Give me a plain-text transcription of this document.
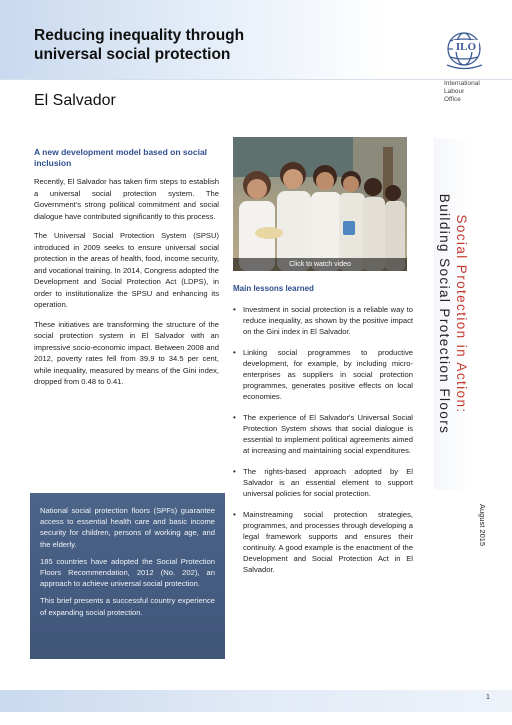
Reducing inequality through
universal social protection	ILO
International
Labour
Office
El Salvador
A new development model based on social inclusion

Recently, El Salvador has taken firm steps to establish a universal social protection system. The Government's strong political commitment and social dialogue have contributed significantly to this process.

The Universal Social Protection System (SPSU) introduced in 2009 seeks to ensure universal social protection in the areas of health, food, income security, and vocational training. In 2014, Congress adopted the Development and Social Protection Act (LDPS), in order to institutionalize the SPSU and enhancing its operation.

These initiatives are transforming the structure of the social protection system in El Salvador with an impressive socio-economic impact. Between 2008 and 2012, poverty rates fell from 39.9 to 34.5 per cent, while inequality, measured by means of the Gini index, dropped from 0.48 to 0.41.

National social protection floors (SPFs) guarantee access to essential health care and basic income security for children, persons of working age, and the elderly.

185 countries have adopted the Social Protection Floors Recommendation, 2012 (No. 202), an approach to achieve universal social protection.

This brief presents a successful country experience of expanding social protection.

Click to watch video
Main lessons learned
• Investment in social protection is a reliable way to reduce inequality, as shown by the positive impact on the Gini index in El Salvador.

• Linking social programmes to productive development, for example, by including micro-enterprises as suppliers in social protection programmes, generates positive effects on local economies.

• The experience of El Salvador's Universal Social Protection System shows that social dialogue is essential to implement political agreements aimed at increasing and maintaining social expenditures.

• The rights-based approach adopted by El Salvador is an essential element to support universal policies for social protection.

• Mainstreaming social protection strategies, programmes, and processes through developing a legal framework supports and ensures their continuity. A good example is the enactment of the Development and Social Protection Act in El Salvador.

Social Protection in Action:
Building Social Protection Floors
August 2015
1
